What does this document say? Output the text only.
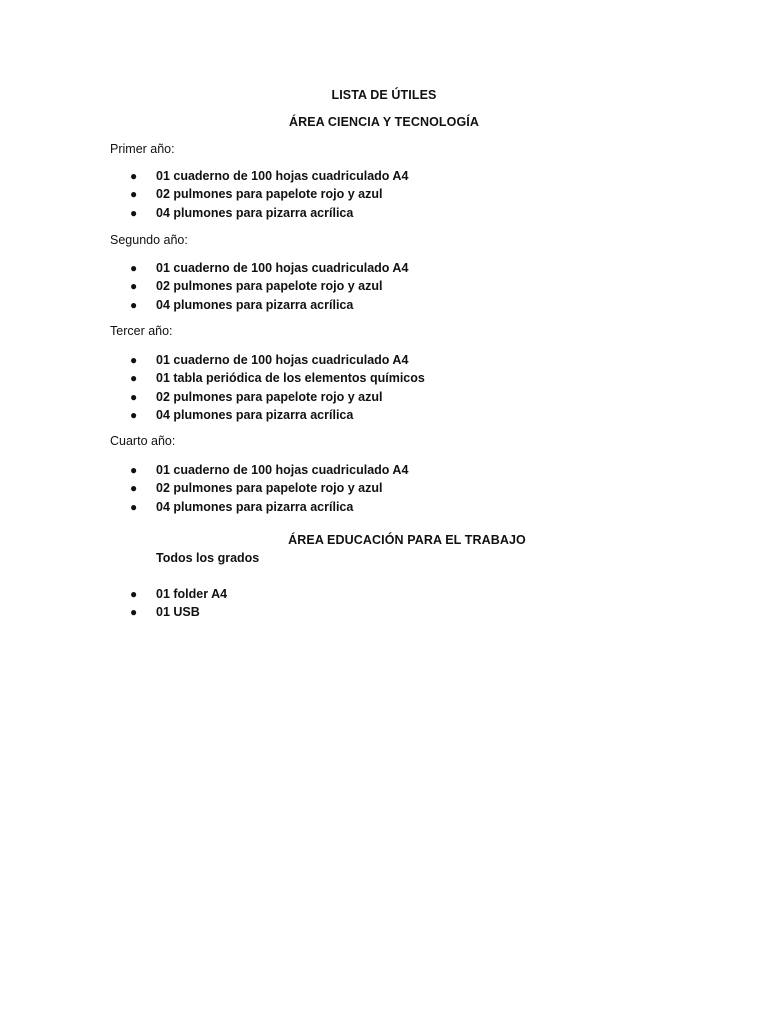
LISTA DE ÚTILES
ÁREA CIENCIA Y TECNOLOGÍA
Primer año:
● 01 cuaderno de 100 hojas cuadriculado A4
● 02 pulmones para papelote rojo y azul
● 04 plumones para pizarra acrílica
Segundo año:
● 01 cuaderno de 100 hojas cuadriculado A4
● 02 pulmones para papelote rojo y azul
● 04 plumones para pizarra acrílica
Tercer año:
● 01 cuaderno de 100 hojas cuadriculado A4
● 01 tabla periódica de los elementos químicos
● 02 pulmones para papelote rojo y azul
● 04 plumones para pizarra acrílica
Cuarto año:
● 01 cuaderno de 100 hojas cuadriculado A4
● 02 pulmones para papelote rojo y azul
● 04 plumones para pizarra acrílica
ÁREA EDUCACIÓN PARA EL TRABAJO
Todos los grados
● 01 folder A4
● 01 USB
